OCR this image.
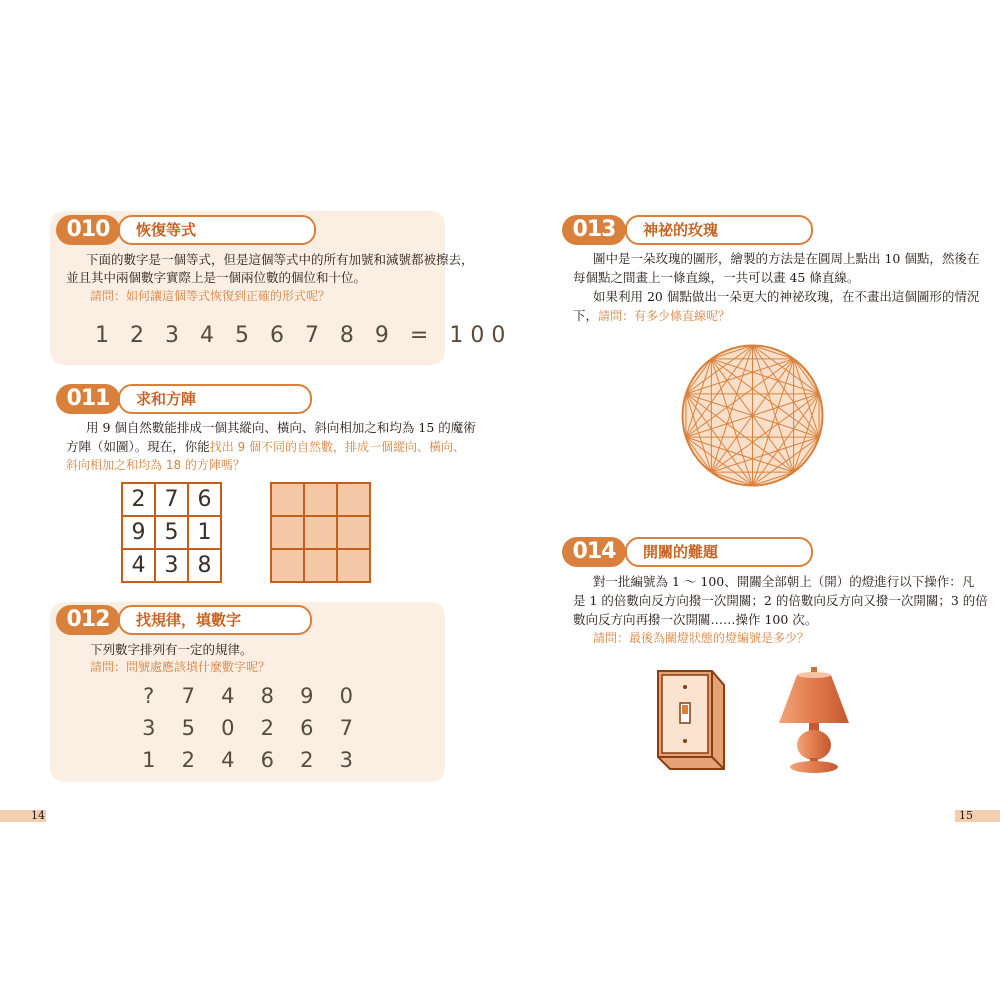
恢復等式
010
下面的數字是一個等式，但是這個等式中的所有加號和減號都被擦去，
並且其中兩個數字實際上是一個兩位數的個位和十位。
請問：如何讓這個等式恢復到正確的形式呢？
1 2 3 4 5 6 7 8 9 = 100
求和方陣
011
用 9 個自然數能排成一個其縱向、橫向、斜向相加之和均為 15 的魔術
方陣（如圖）。現在，你能找出 9 個不同的自然數，排成一個縱向、橫向、
斜向相加之和均為 18 的方陣嗎？
2	7	6
9	5	1
4	3	8

找規律，填數字
012
下列數字排列有一定的規律。
請問：問號處應該填什麼數字呢？
? 7 4 8 9 0
3 5 0 2 6 7
1 2 4 6 2 3
14
神祕的玫瑰
013
圖中是一朵玫瑰的圖形，繪製的方法是在圓周上點出 10 個點，然後在
每個點之間畫上一條直線，一共可以畫 45 條直線。
如果利用 20 個點做出一朵更大的神祕玫瑰，在不畫出這個圖形的情況
下，請問：有多少條直線呢？
開關的難題
014
對一批編號為 1 ～ 100、開關全部朝上（開）的燈進行以下操作：凡
是 1 的倍數向反方向撥一次開關；2 的倍數向反方向又撥一次開關；3 的倍
數向反方向再撥一次開關……操作 100 次。
請問：最後為關燈狀態的燈編號是多少？
15
